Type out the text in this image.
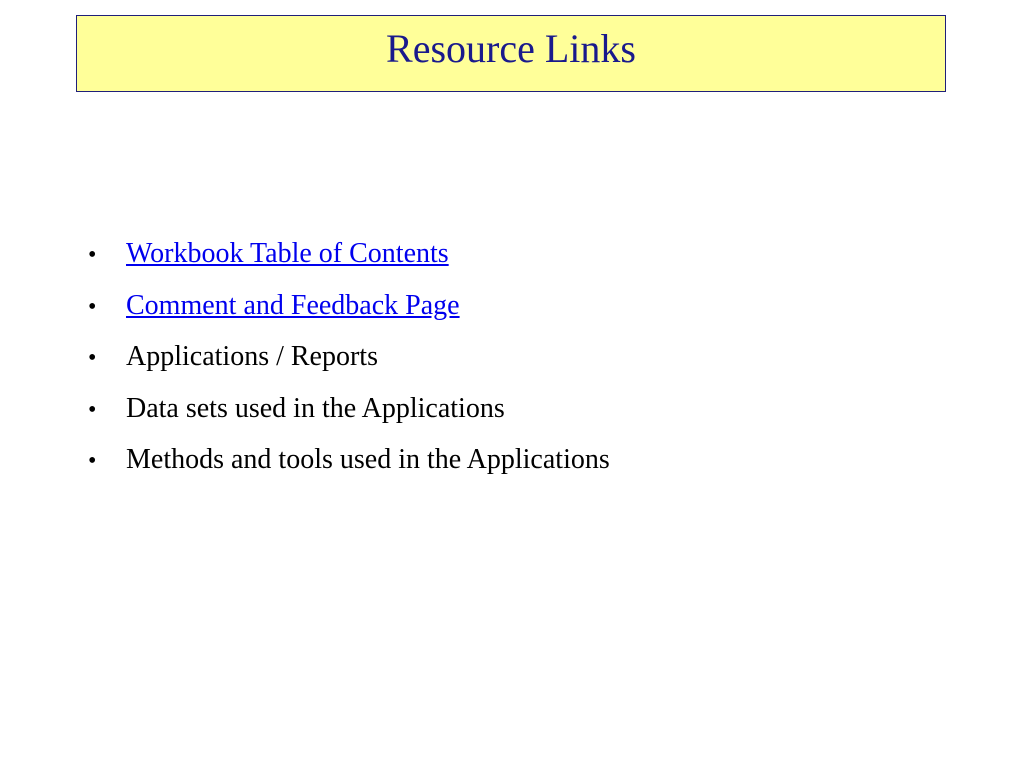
Resource Links
•	Workbook Table of Contents
•	Comment and Feedback Page
•	Applications / Reports
•	Data sets used in the Applications
•	Methods and tools used in the Applications
